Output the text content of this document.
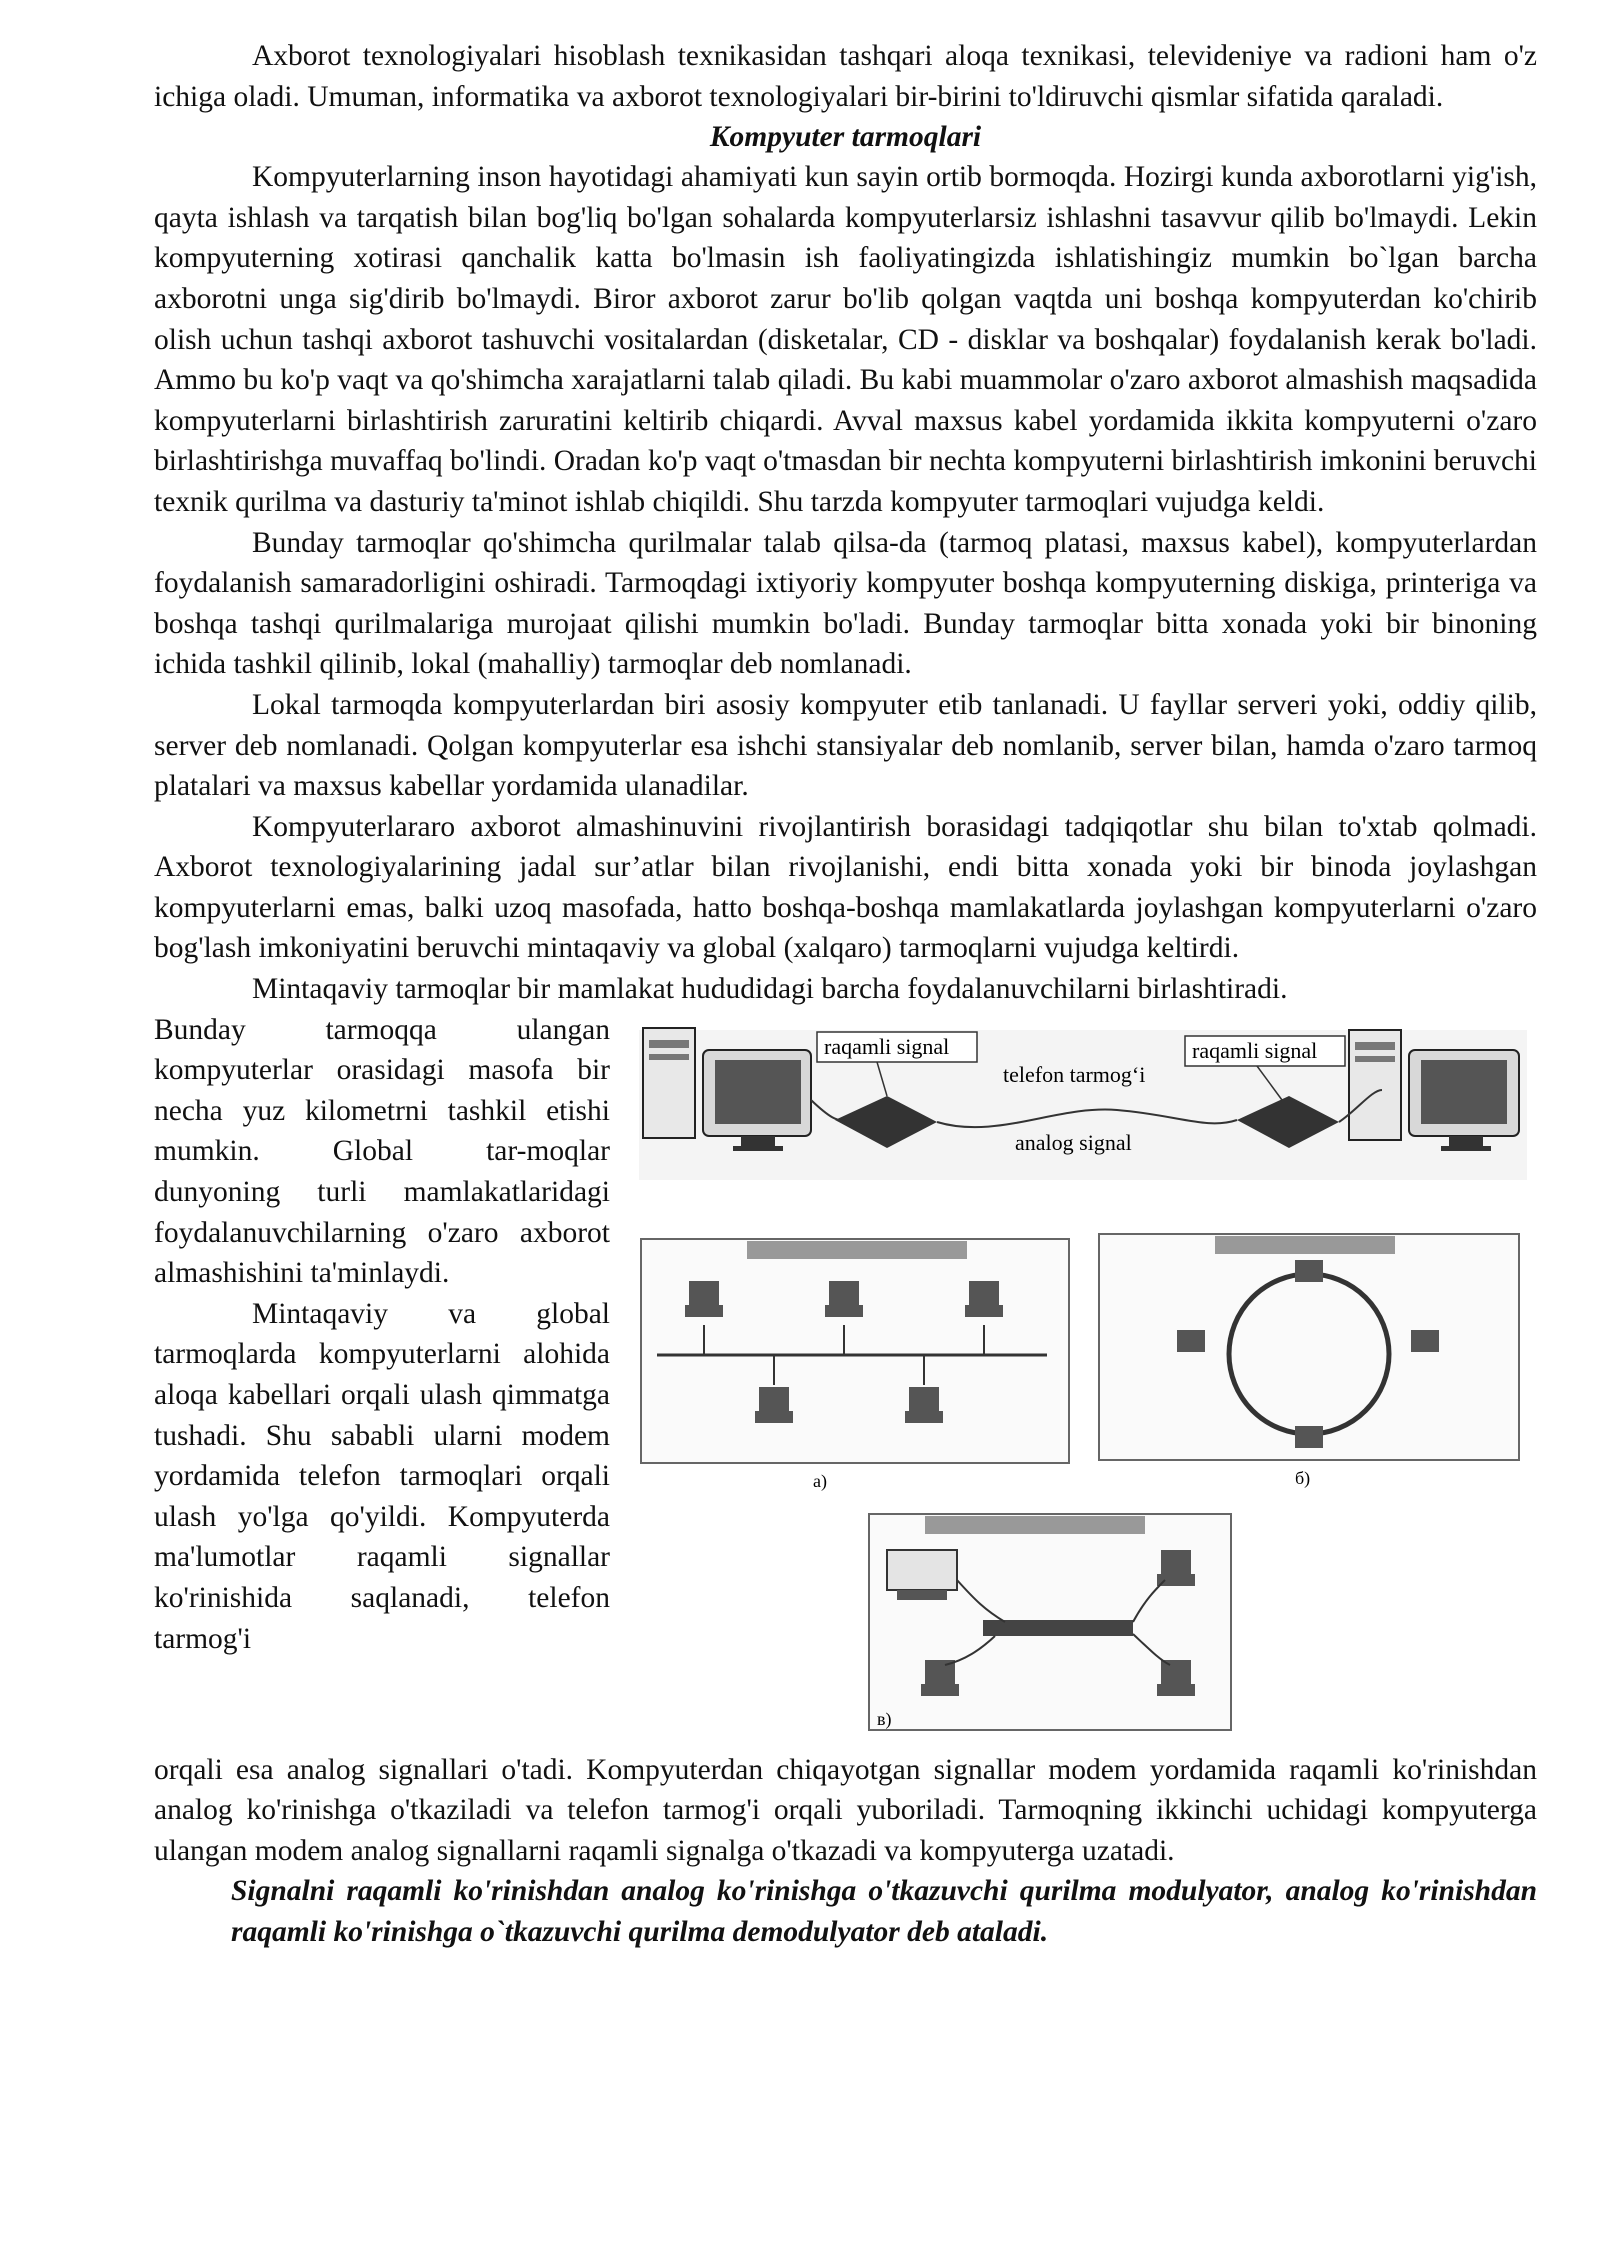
Axborot texnologiyalari hisoblash texnikasidan tashqari aloqa texnikasi, televideniye va radioni ham o'z ichiga oladi. Umuman, informatika va axborot texnologiyalari bir-birini to'ldiruvchi qismlar sifatida qaraladi.

Kompyuter tarmoqlari

Kompyuterlarning inson hayotidagi ahamiyati kun sayin ortib bormoqda. Hozirgi kunda axborotlarni yig'ish, qayta ishlash va tarqatish bilan bog'liq bo'lgan sohalarda kompyuterlarsiz ishlashni tasavvur qilib bo'lmaydi. Lekin kompyuterning xotirasi qanchalik katta bo'lmasin ish faoliyatingizda ishlatishingiz mumkin bo`lgan barcha axborotni unga sig'dirib bo'lmaydi. Biror axborot zarur bo'lib qolgan vaqtda uni boshqa kompyuterdan ko'chirib olish uchun tashqi axborot tashuvchi vositalardan (disketalar, CD - disklar va boshqalar) foydalanish kerak bo'ladi. Ammo bu ko'p vaqt va qo'shimcha xarajatlarni talab qiladi. Bu kabi muammolar o'zaro axborot almashish maqsadida kompyuterlarni birlashtirish zaruratini keltirib chiqardi. Avval maxsus kabel yordamida ikkita kompyuterni o'zaro birlashtirishga muvaffaq bo'lindi. Oradan ko'p vaqt o'tmasdan bir nechta kompyuterni birlashtirish imkonini beruvchi texnik qurilma va dasturiy ta'minot ishlab chiqildi. Shu tarzda kompyuter tarmoqlari vujudga keldi.

Bunday tarmoqlar qo'shimcha qurilmalar talab qilsa-da (tarmoq platasi, maxsus kabel), kompyuterlardan foydalanish samaradorligini oshiradi. Tarmoqdagi ixtiyoriy kompyuter boshqa kompyuterning diskiga, printeriga va boshqa tashqi qurilmalariga murojaat qilishi mumkin bo'ladi. Bunday tarmoqlar bitta xonada yoki bir binoning ichida tashkil qilinib, lokal (mahalliy) tarmoqlar deb nomlanadi.

Lokal tarmoqda kompyuterlardan biri asosiy kompyuter etib tanlanadi. U fayllar serveri yoki, oddiy qilib, server deb nomlanadi. Qolgan kompyuterlar esa ishchi stansiyalar deb nomlanib, server bilan, hamda o'zaro tarmoq platalari va maxsus kabellar yordamida ulanadilar.

Kompyuterlararo axborot almashinuvini rivojlantirish borasidagi tadqiqotlar shu bilan to'xtab qolmadi. Axborot texnologiyalarining jadal sur’atlar bilan rivojlanishi, endi bitta xonada yoki bir binoda joylashgan kompyuterlarni emas, balki uzoq masofada, hatto boshqa-boshqa mamlakatlarda joylashgan kompyuterlarni o'zaro bog'lash imkoniyatini beruvchi mintaqaviy va global (xalqaro) tarmoqlarni vujudga keltirdi.

Mintaqaviy tarmoqlar bir mamlakat hududidagi barcha foydalanuvchilarni birlashtiradi.

Bunday tarmoqqa ulangan kompyuterlar orasidagi masofa bir necha yuz kilometrni tashkil etishi mumkin. Global tar-moqlar dunyoning turli mamlakatlaridagi foydalanuvchilarning o'zaro axborot almashishini ta'minlaydi.

Mintaqaviy va global tarmoqlarda kompyuterlarni alohida aloqa kabellari orqali ulash qimmatga tushadi. Shu sababli ularni modem yordamida telefon tarmoqlari orqali ulash yo'lga qo'yildi. Kompyuterda ma'lumotlar raqamli signallar ko'rinishida saqlanadi, telefon tarmog'i

raqamli signal	raqamli signal
telefon tarmog‘i
analog signal
а)	б)
в)

orqali esa analog signallari o'tadi. Kompyuterdan chiqayotgan signallar modem yordamida raqamli ko'rinishdan analog ko'rinishga o'tkaziladi va telefon tarmog'i orqali yuboriladi. Tarmoqning ikkinchi uchidagi kompyuterga ulangan modem analog signallarni raqamli signalga o'tkazadi va kompyuterga uzatadi.

Signalni raqamli ko'rinishdan analog ko'rinishga o'tkazuvchi qurilma modulyator, analog ko'rinishdan raqamli ko'rinishga o`tkazuvchi qurilma demodulyator deb ataladi.
